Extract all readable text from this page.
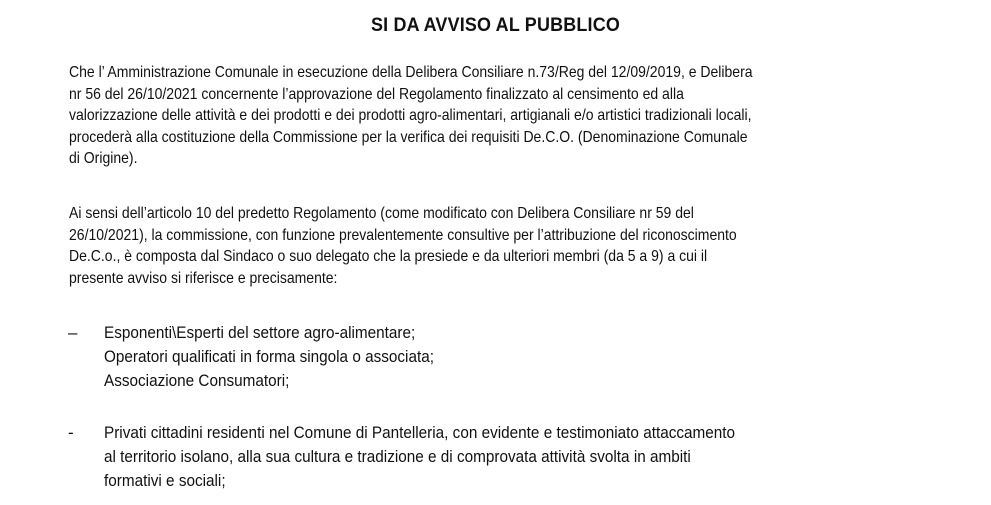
SI DA AVVISO AL PUBBLICO
Che l’ Amministrazione Comunale in esecuzione della Delibera Consiliare n.73/Reg del 12/09/2019, e Delibera
nr 56 del 26/10/2021 concernente l’approvazione del Regolamento finalizzato al censimento ed alla
valorizzazione delle attività e dei prodotti e dei prodotti agro-alimentari, artigianali e/o artistici tradizionali locali,
procederà alla costituzione della Commissione per la verifica dei requisiti De.C.O. (Denominazione Comunale
di Origine).
Ai sensi dell’articolo 10 del predetto Regolamento (come modificato con Delibera Consiliare nr 59 del
26/10/2021), la commissione, con funzione prevalentemente consultive per l’attribuzione del riconoscimento
De.C.o., è composta dal Sindaco o suo delegato che la presiede e da ulteriori membri (da 5 a 9) a cui il
presente avviso si riferisce e precisamente:
–	Esponenti\Esperti del settore agro-alimentare;
Operatori qualificati in forma singola o associata;
Associazione Consumatori;
-	Privati cittadini residenti nel Comune di Pantelleria, con evidente e testimoniato attaccamento
al territorio isolano, alla sua cultura e tradizione e di comprovata attività svolta in ambiti
formativi e sociali;
